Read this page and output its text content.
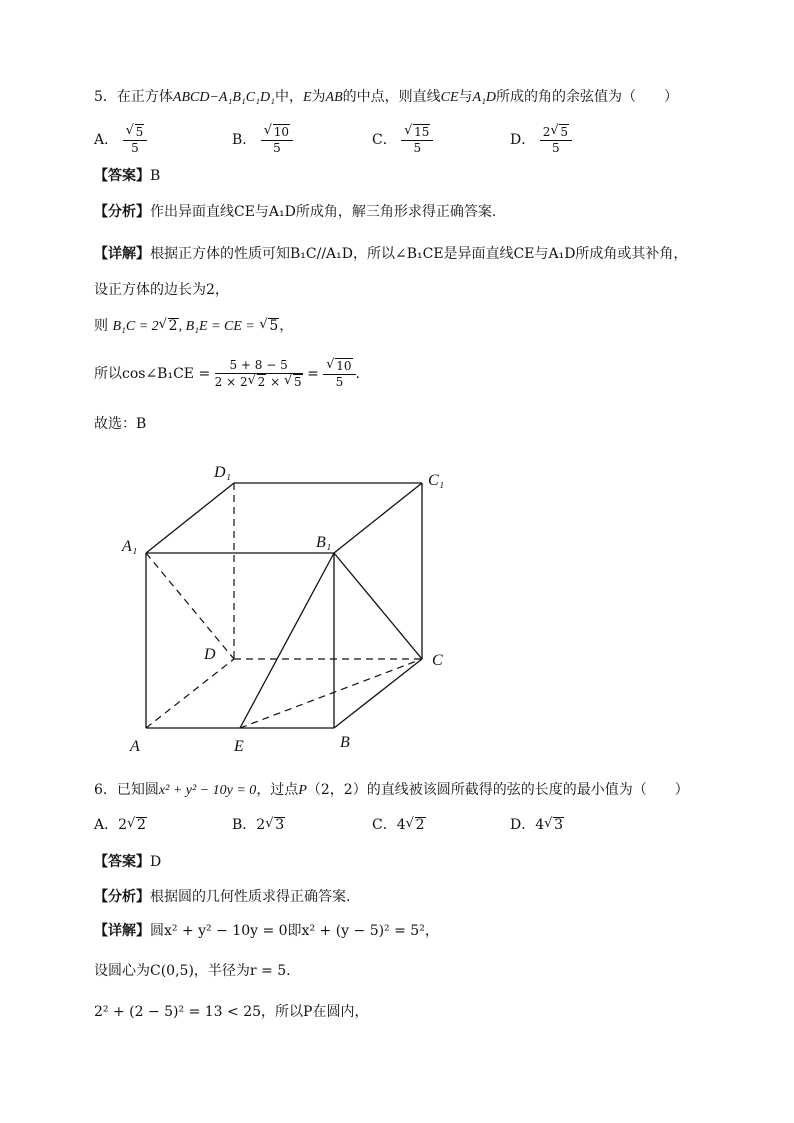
5．在正方体ABCD−A₁B₁C₁D₁中，E为AB的中点，则直线CE与A₁D所成的角的余弦值为（　　）
A． √ $\frac{5}{5}$	B． √ $\frac{10}{5}$	C． √ $\frac{15}{5}$	D． $\frac{2 √ 5}{5}$
【答案】B
【分析】作出异面直线CE与A₁D所成角，解三角形求得正确答案.
【详解】根据正方体的性质可知B₁C//A₁D，所以∠B₁CE是异面直线CE与A₁D所成角或其补角，
设正方体的边长为2，
则 B₁C = 2 √ 2, B₁E = CE = √ 5，
所以cos∠B₁CE = $\frac{5 + 8 - 5}{2 \times 2 √ 2 \times √ 5}$ = √ $\frac{10}{5}$ .
故选：B
D₁	C₁
A₁	B₁
D	C
A	E	B
6．已知圆x² + y² − 10y = 0，过点P（2，2）的直线被该圆所截得的弦的长度的最小值为（　　）
A．2 √ 2	B．2 √ 3	C．4 √ 2	D．4 √ 3
【答案】D
【分析】根据圆的几何性质求得正确答案.
【详解】圆x² + y² − 10y = 0即x² + (y − 5)² = 5²，
设圆心为C(0,5)，半径为r = 5.
2² + (2 − 5)² = 13 < 25，所以P在圆内，
